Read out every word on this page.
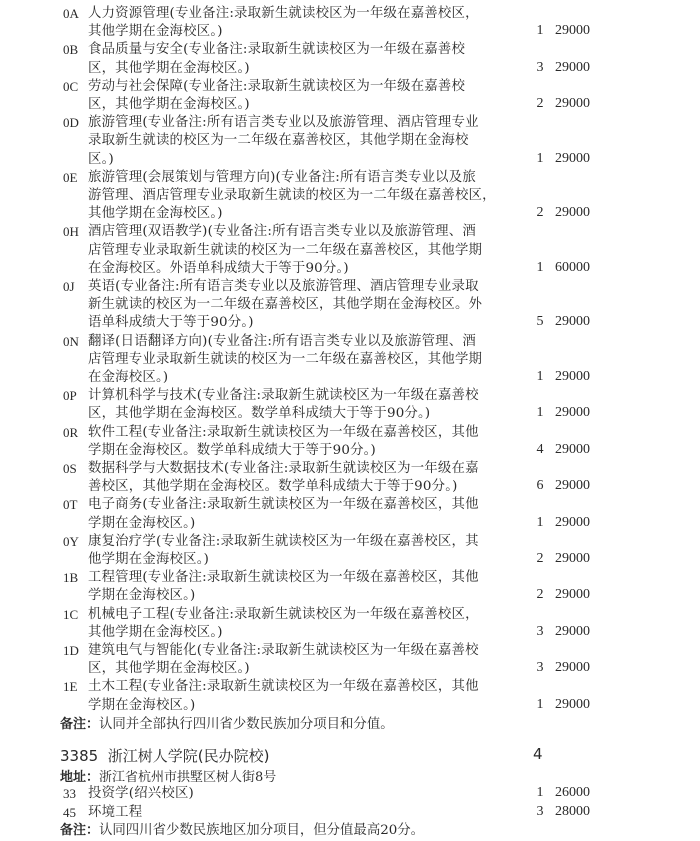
0A 人力资源管理(专业备注:录取新生就读校区为一年级在嘉善校区，
其他学期在金海校区。)	1 29000
0B 食品质量与安全(专业备注:录取新生就读校区为一年级在嘉善校
区，其他学期在金海校区。)	3 29000
0C 劳动与社会保障(专业备注:录取新生就读校区为一年级在嘉善校
区，其他学期在金海校区。)	2 29000
0D 旅游管理(专业备注:所有语言类专业以及旅游管理、酒店管理专业
录取新生就读的校区为一二年级在嘉善校区，其他学期在金海校
区。)	1 29000
0E 旅游管理(会展策划与管理方向)(专业备注:所有语言类专业以及旅
游管理、酒店管理专业录取新生就读的校区为一二年级在嘉善校区，
其他学期在金海校区。)	2 29000
0H 酒店管理(双语教学)(专业备注:所有语言类专业以及旅游管理、酒
店管理专业录取新生就读的校区为一二年级在嘉善校区，其他学期
在金海校区。外语单科成绩大于等于90分。)	1 60000
0J	英语(专业备注:所有语言类专业以及旅游管理、酒店管理专业录取
新生就读的校区为一二年级在嘉善校区，其他学期在金海校区。外
语单科成绩大于等于90分。)	5 29000
0N 翻译(日语翻译方向)(专业备注:所有语言类专业以及旅游管理、酒
店管理专业录取新生就读的校区为一二年级在嘉善校区，其他学期
在金海校区。)	1 29000
0P 计算机科学与技术(专业备注:录取新生就读校区为一年级在嘉善校
区，其他学期在金海校区。数学单科成绩大于等于90分。)	1 29000
0R 软件工程(专业备注:录取新生就读校区为一年级在嘉善校区，其他
学期在金海校区。数学单科成绩大于等于90分。)	4 29000
0S 数据科学与大数据技术(专业备注:录取新生就读校区为一年级在嘉
善校区，其他学期在金海校区。数学单科成绩大于等于90分。)	6 29000
0T 电子商务(专业备注:录取新生就读校区为一年级在嘉善校区，其他
学期在金海校区。)	1 29000
0Y 康复治疗学(专业备注:录取新生就读校区为一年级在嘉善校区，其
他学期在金海校区。)	2 29000
1B 工程管理(专业备注:录取新生就读校区为一年级在嘉善校区，其他
学期在金海校区。)	2 29000
1C 机械电子工程(专业备注:录取新生就读校区为一年级在嘉善校区，
其他学期在金海校区。)	3 29000
1D 建筑电气与智能化(专业备注:录取新生就读校区为一年级在嘉善校
区，其他学期在金海校区。)	3 29000
1E 土木工程(专业备注:录取新生就读校区为一年级在嘉善校区，其他
学期在金海校区。)	1 29000
备注：认同并全部执行四川省少数民族加分项目和分值。
3385  浙江树人学院(民办院校)	4
地址：浙江省杭州市拱墅区树人街8号
33 投资学(绍兴校区)	1 26000
45 环境工程	3 28000
备注：认同四川省少数民族地区加分项目，但分值最高20分。
